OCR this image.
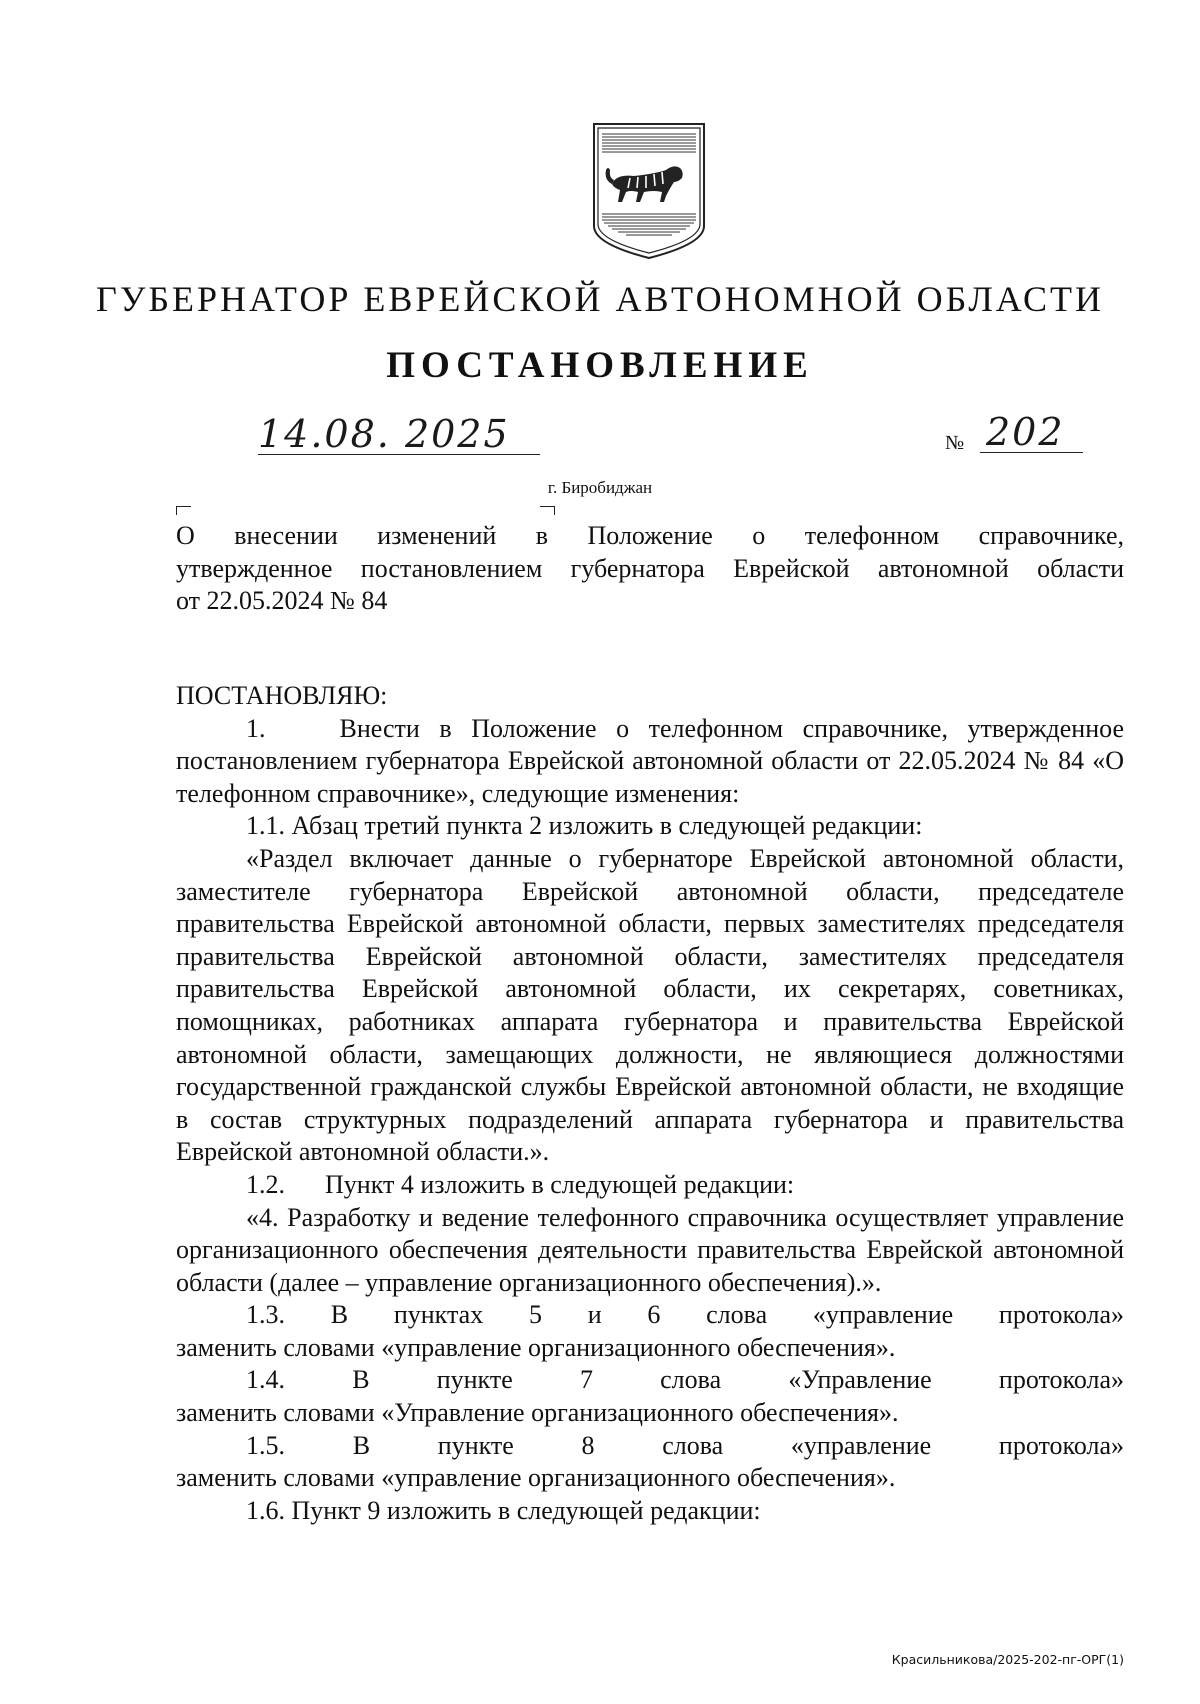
ГУБЕРНАТОР ЕВРЕЙСКОЙ АВТОНОМНОЙ ОБЛАСТИ
ПОСТАНОВЛЕНИЕ
14.08. 2025	№ 202
г. Биробиджан

О внесении изменений в Положение о телефонном справочнике,

утвержденное постановлением губернатора Еврейской автономной области

от 22.05.2024 № 84

ПОСТАНОВЛЯЮ:

1.	Внести в Положение о телефонном справочнике, утвержденное постановлением губернатора Еврейской автономной области от 22.05.2024 № 84 «О телефонном справочнике», следующие изменения:

1.1. Абзац третий пункта 2 изложить в следующей редакции:

«Раздел включает данные о губернаторе Еврейской автономной области, заместителе губернатора Еврейской автономной области, председателе правительства Еврейской автономной области, первых заместителях председателя правительства Еврейской автономной области, заместителях председателя правительства Еврейской автономной области, их секретарях, советниках, помощниках, работниках аппарата губернатора и правительства Еврейской автономной области, замещающих должности, не являющиеся должностями государственной гражданской службы Еврейской автономной области, не входящие в состав структурных подразделений аппарата губернатора и правительства Еврейской автономной области.».

1.2. Пункт 4 изложить в следующей редакции:

«4. Разработку и ведение телефонного справочника осуществляет управление организационного обеспечения деятельности правительства Еврейской автономной области (далее – управление организационного обеспечения).».

1.3. В пунктах 5 и 6 слова «управление протокола»

заменить словами «управление организационного обеспечения».

1.4. В пункте 7 слова «Управление протокола»

заменить словами «Управление организационного обеспечения».

1.5. В пункте 8 слова «управление протокола»

заменить словами «управление организационного обеспечения».

1.6. Пункт 9 изложить в следующей редакции:

Красильникова/2025-202-пг-ОРГ(1)
